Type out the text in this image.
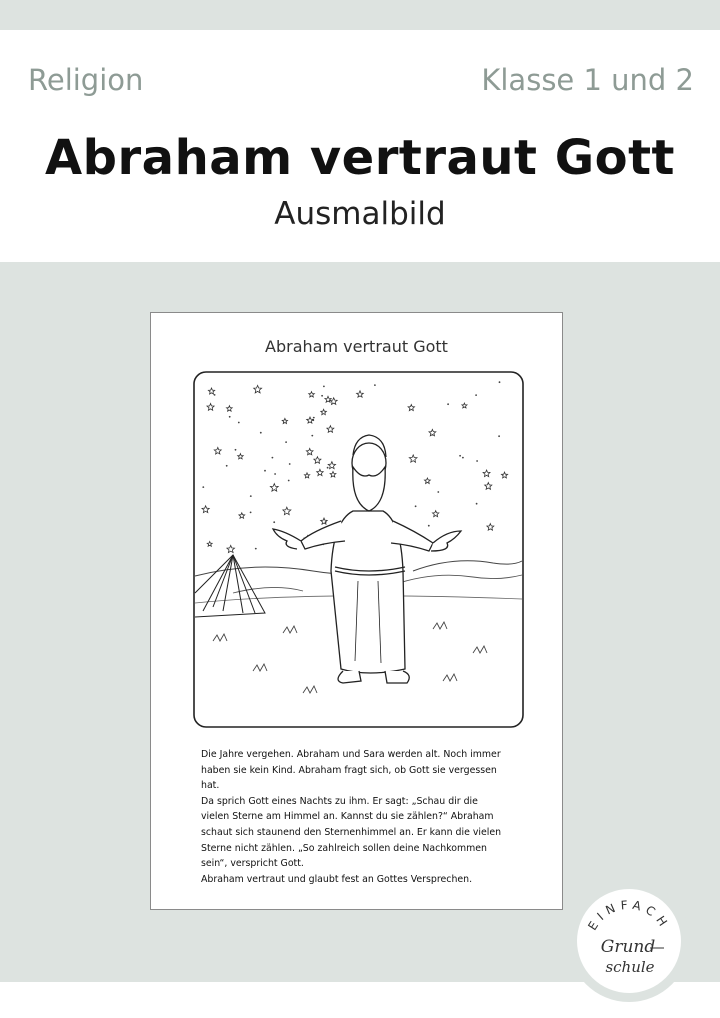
Religion	Klasse 1 und 2
Abraham vertraut Gott
Ausmalbild
Abraham vertraut Gott

Die Jahre vergehen. Abraham und Sara werden alt. Noch immer

haben sie kein Kind. Abraham fragt sich, ob Gott sie vergessen

hat.

Da sprich Gott eines Nachts zu ihm. Er sagt: „Schau dir die

vielen Sterne am Himmel an. Kannst du sie zählen?“ Abraham

schaut sich staunend den Sternenhimmel an. Er kann die vielen

Sterne nicht zählen. „So zahlreich sollen deine Nachkommen

sein“, verspricht Gott.

Abraham vertraut und glaubt fest an Gottes Versprechen.

EINFACH
Grund
schule
